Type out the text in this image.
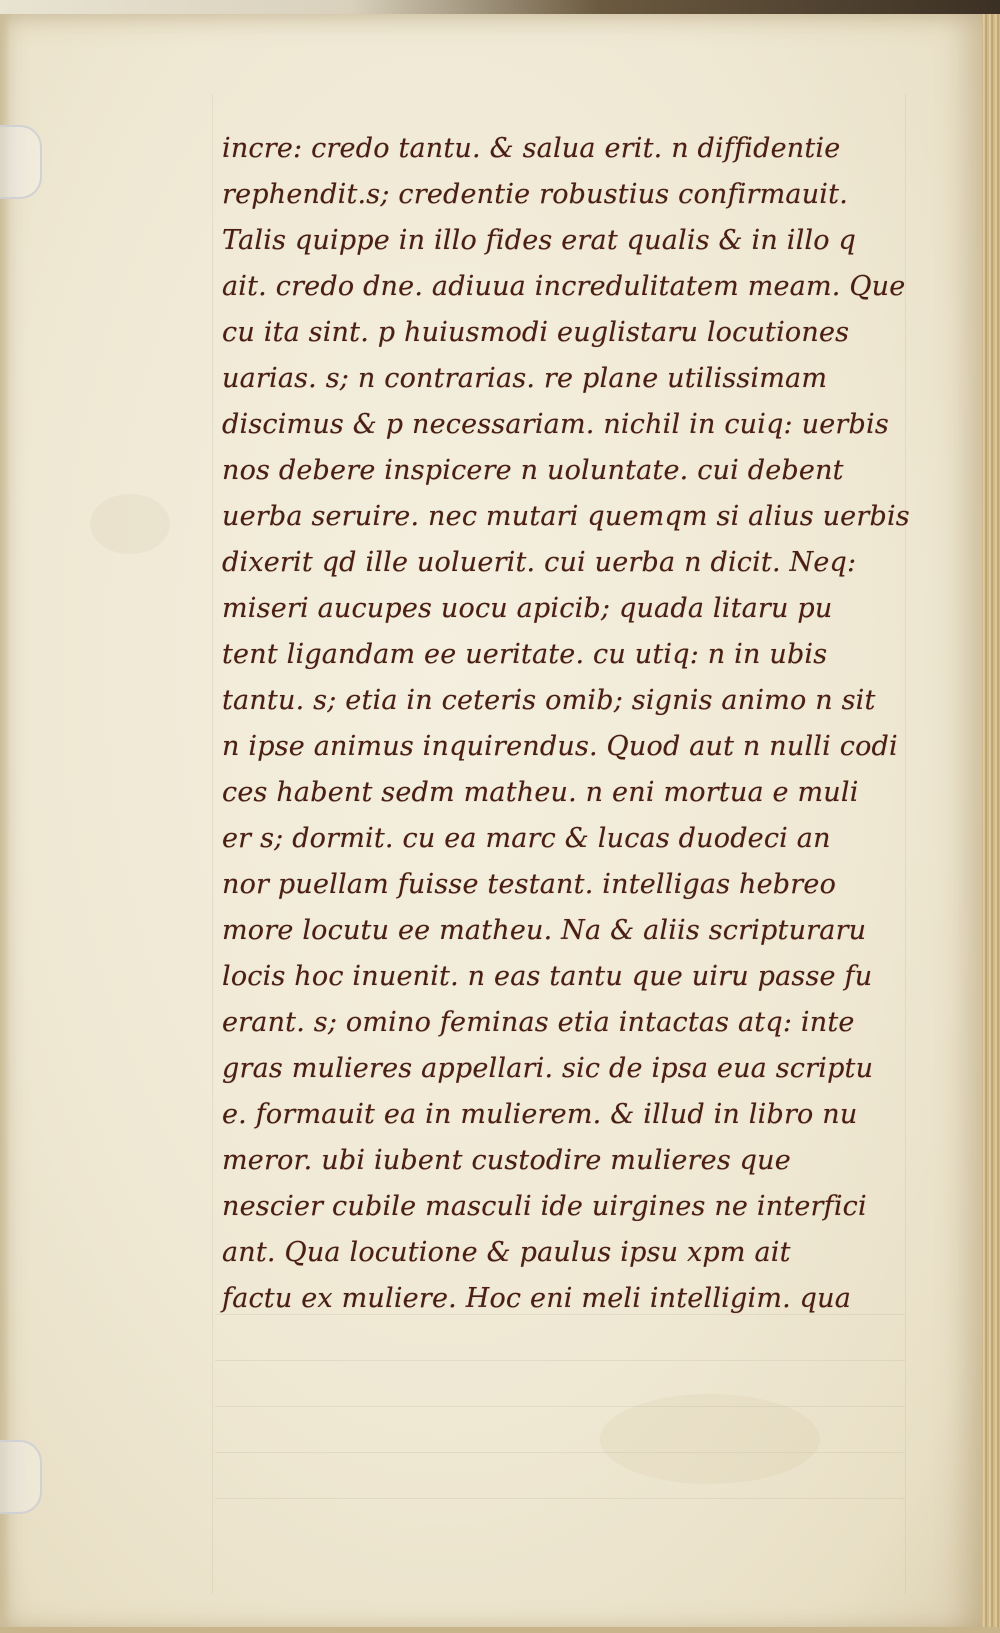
incre: credo tantu. & salua erit. n diffidentie
rephendit.s; credentie robustius confirmauit.
Talis quippe in illo fides erat qualis & in illo q
ait. credo dne. adiuua incredulitatem meam. Que
cu ita sint. p huiusmodi euglistaru locutiones
uarias. s; n contrarias. re plane utilissimam
discimus & p necessariam. nichil in cuiq: uerbis
nos debere inspicere n uoluntate. cui debent
uerba seruire. nec mutari quemqm si alius uerbis
dixerit qd ille uoluerit. cui uerba n dicit. Neq:
miseri aucupes uocu apicib; quada litaru pu
tent ligandam ee ueritate. cu utiq: n in ubis
tantu. s; etia in ceteris omib; signis animo n sit
n ipse animus inquirendus. Quod aut n nulli codi
ces habent sedm matheu. n eni mortua e muli
er s; dormit. cu ea marc & lucas duodeci an
nor puellam fuisse testant. intelligas hebreo
more locutu ee matheu. Na & aliis scripturaru
locis hoc inuenit. n eas tantu que uiru passe fu
erant. s; omino feminas etia intactas atq: inte
gras mulieres appellari. sic de ipsa eua scriptu
e. formauit ea in mulierem. & illud in libro nu
meror. ubi iubent custodire mulieres que
nescier cubile masculi ide uirgines ne interfici
ant. Qua locutione & paulus ipsu xpm ait
factu ex muliere. Hoc eni meli intelligim. qua
